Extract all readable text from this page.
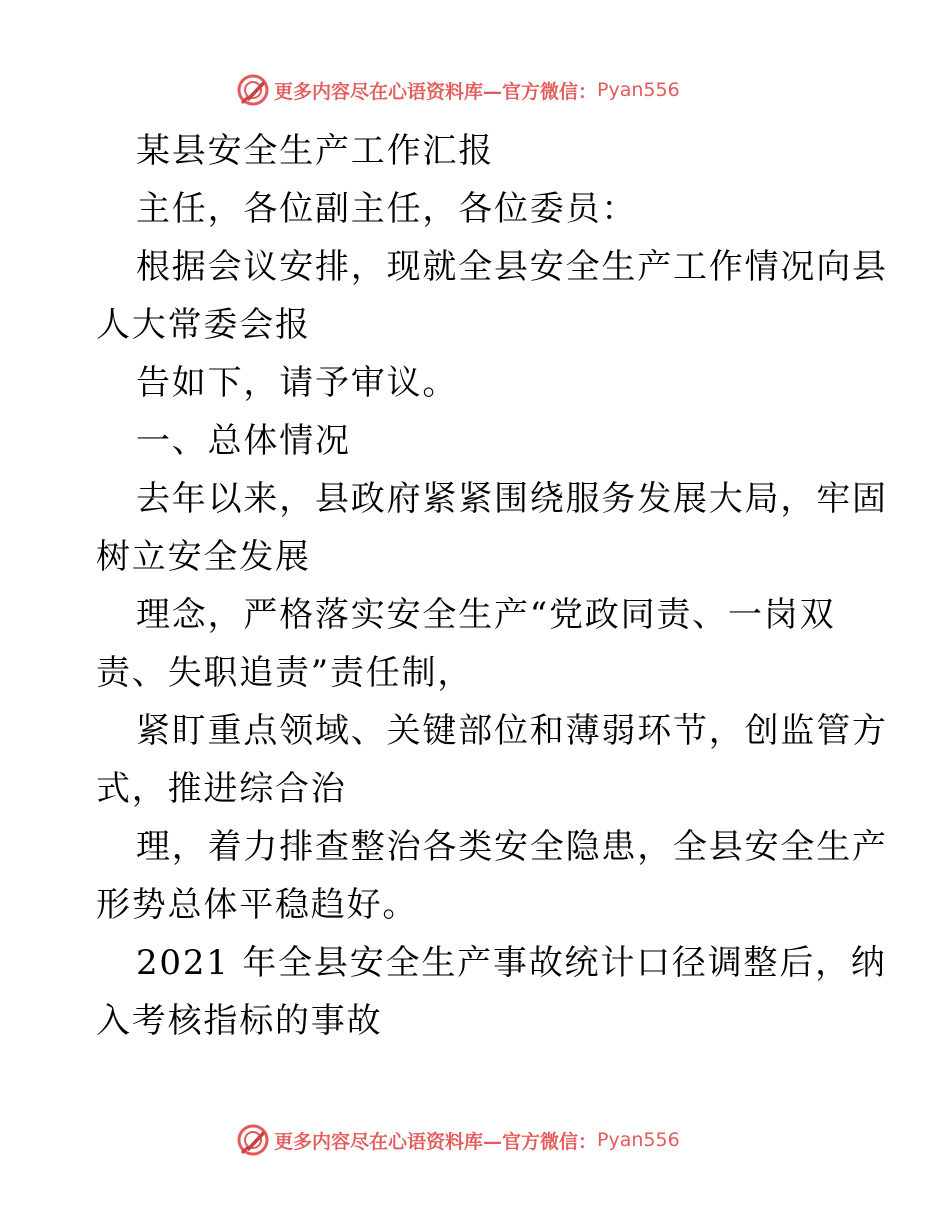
更多内容尽在心语资料库—官方微信： Pyan556
某县安全生产工作汇报
主任，各位副主任，各位委员：
根据会议安排，现就全县安全生产工作情况向县
人大常委会报
告如下，请予审议。
一、总体情况
去年以来，县政府紧紧围绕服务发展大局，牢固
树立安全发展
理念，严格落实安全生产“党政同责、一岗双
责、失职追责”责任制，
紧盯重点领域、关键部位和薄弱环节，创监管方
式，推进综合治
理，着力排查整治各类安全隐患，全县安全生产
形势总体平稳趋好。
2021 年全县安全生产事故统计口径调整后，纳
入考核指标的事故
更多内容尽在心语资料库—官方微信： Pyan556
